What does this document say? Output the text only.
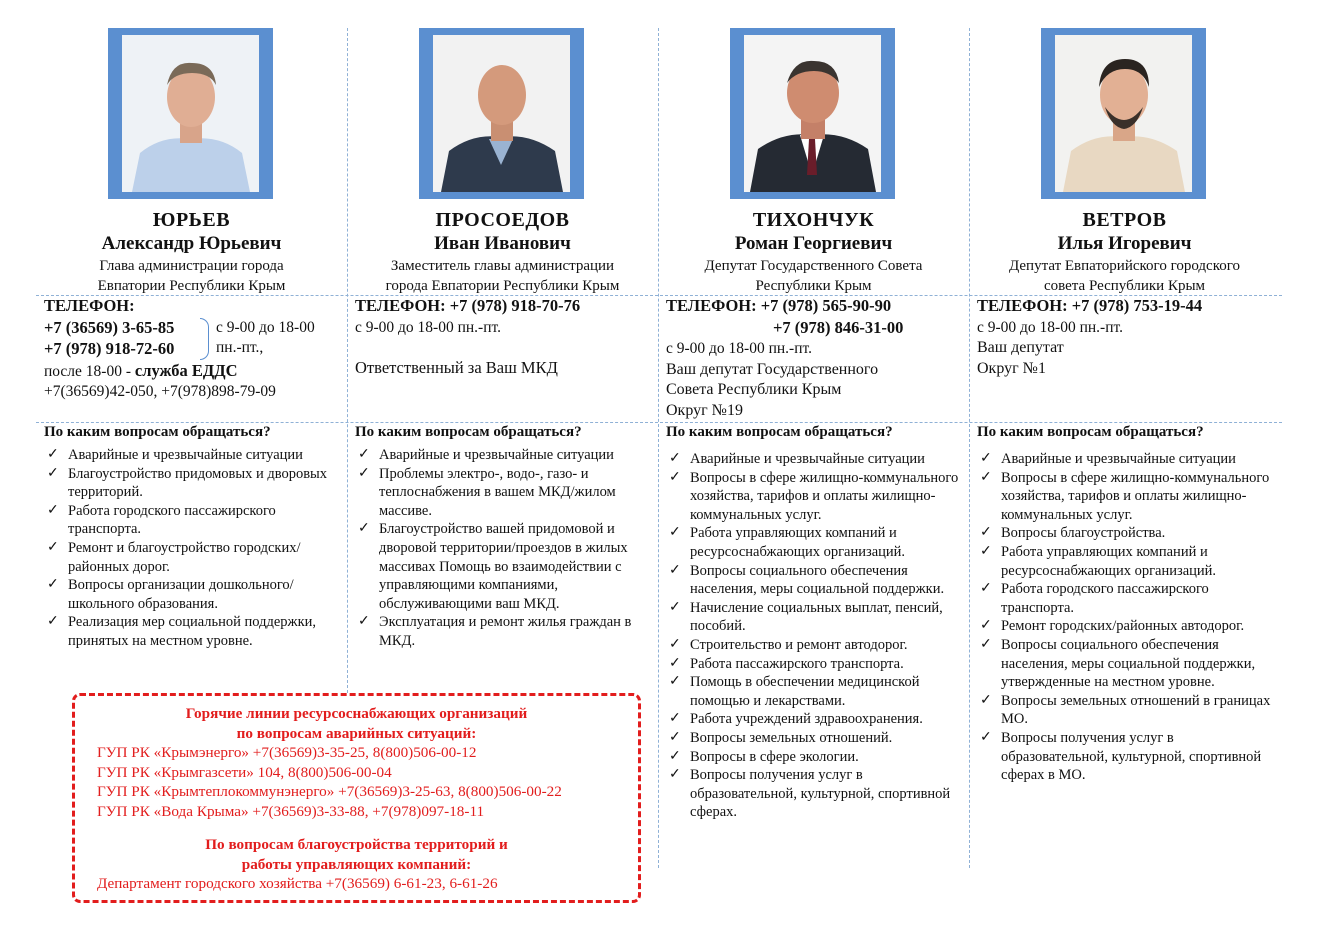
ЮРЬЕВ
Александр Юрьевич
Глава администрации города
Евпатории Республики Крым
ТЕЛЕФОН:
+7 (36569) 3-65-85
+7 (978) 918-72-60
с 9-00 до 18-00
пн.-пт.,
после 18-00 - служба ЕДДС
+7(36569)42-050, +7(978)898-79-09
По каким вопросам обращаться?
✓ Аварийные и чрезвычайные ситуации
✓ Благоустройство придомовых и дворовых территорий.
✓ Работа городского пассажирского транспорта.
✓ Ремонт и благоустройство городских/районных дорог.
✓ Вопросы организации дошкольного/школьного образования.
✓ Реализация мер социальной поддержки, принятых на местном уровне.
ПРОСОЕДОВ
Иван Иванович
Заместитель главы администрации
города Евпатории Республики Крым
ТЕЛЕФОН: +7 (978) 918-70-76
с 9-00 до 18-00 пн.-пт.
Ответственный за Ваш МКД
По каким вопросам обращаться?
✓ Аварийные и чрезвычайные ситуации
✓ Проблемы электро-, водо-, газо- и теплоснабжения в вашем МКД/жилом массиве.
✓ Благоустройство вашей придомовой и дворовой территории/проездов в жилых массивах Помощь во взаимодействии с управляющими компаниями, обслуживающими ваш МКД.
✓ Эксплуатация и ремонт жилья граждан в МКД.
ТИХОНЧУК
Роман Георгиевич
Депутат Государственного Совета
Республики Крым
ТЕЛЕФОН: +7 (978) 565-90-90
+7 (978) 846-31-00
с 9-00 до 18-00 пн.-пт.
Ваш депутат Государственного
Совета Республики Крым
Округ №19
По каким вопросам обращаться?
✓ Аварийные и чрезвычайные ситуации
✓ Вопросы в сфере жилищно-коммунального хозяйства, тарифов и оплаты жилищно-коммунальных услуг.
✓ Работа управляющих компаний и ресурсоснабжающих организаций.
✓ Вопросы социального обеспечения населения, меры социальной поддержки.
✓ Начисление социальных выплат, пенсий, пособий.
✓ Строительство и ремонт автодорог.
✓ Работа пассажирского транспорта.
✓ Помощь в обеспечении медицинской помощью и лекарствами.
✓ Работа учреждений здравоохранения.
✓ Вопросы земельных отношений.
✓ Вопросы в сфере экологии.
✓ Вопросы получения услуг в образовательной, культурной, спортивной сферах.
ВЕТРОВ
Илья Игоревич
Депутат Евпаторийского городского
совета Республики Крым
ТЕЛЕФОН: +7 (978) 753-19-44
с 9-00 до 18-00 пн.-пт.
Ваш депутат
Округ №1
По каким вопросам обращаться?
✓ Аварийные и чрезвычайные ситуации
✓ Вопросы в сфере жилищно-коммунального хозяйства, тарифов и оплаты жилищно-коммунальных услуг.
✓ Вопросы благоустройства.
✓ Работа управляющих компаний и ресурсоснабжающих организаций.
✓ Работа городского пассажирского транспорта.
✓ Ремонт городских/районных автодорог.
✓ Вопросы социального обеспечения населения, меры социальной поддержки, утвержденные на местном уровне.
✓ Вопросы земельных отношений в границах МО.
✓ Вопросы получения услуг в образовательной, культурной, спортивной сферах в МО.
Горячие линии ресурсоснабжающих организаций
по вопросам аварийных ситуаций:
ГУП РК «Крымэнерго» +7(36569)3-35-25, 8(800)506-00-12
ГУП РК «Крымгазсети» 104, 8(800)506-00-04
ГУП РК «Крымтеплокоммунэнерго» +7(36569)3-25-63, 8(800)506-00-22
ГУП РК «Вода Крыма» +7(36569)3-33-88, +7(978)097-18-11
По вопросам благоустройства территорий и
работы управляющих компаний:
Департамент городского хозяйства +7(36569) 6-61-23, 6-61-26
